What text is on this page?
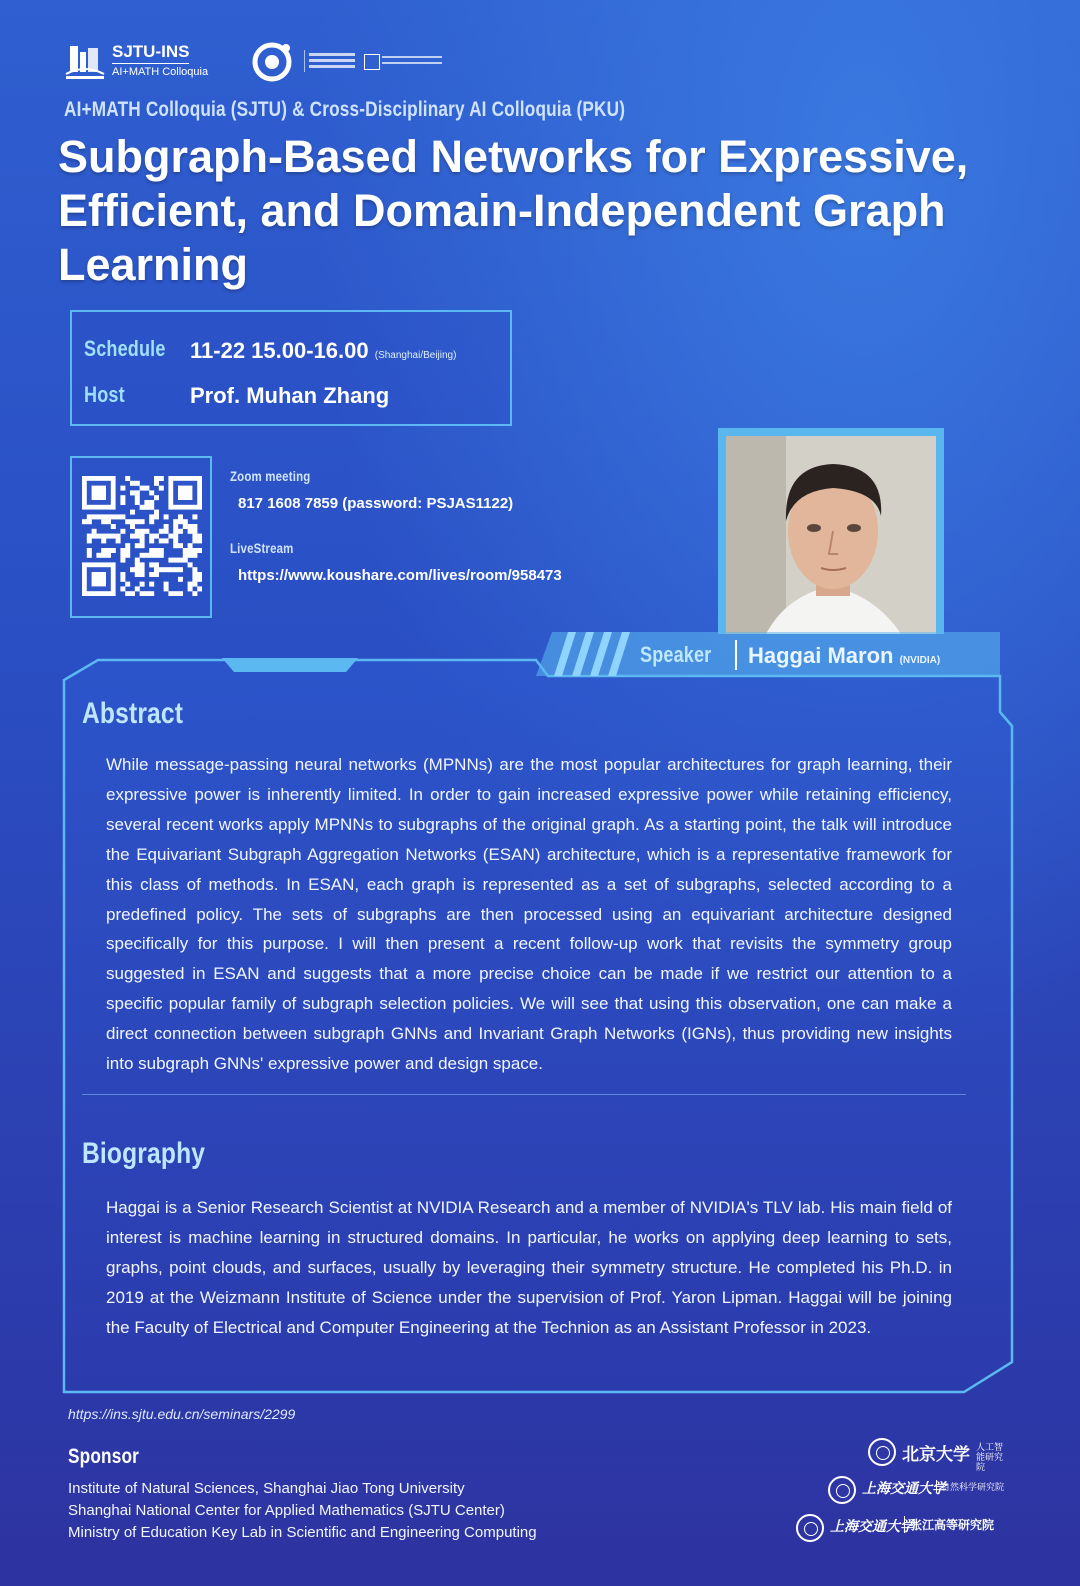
SJTU-INS
AI+MATH Colloquia
AI+MATH Colloquia (SJTU) & Cross-Disciplinary AI Colloquia (PKU)
Subgraph-Based Networks for Expressive, Efficient, and Domain-Independent Graph Learning
Schedule 11-22 15.00-16.00 (Shanghai/Beijing)
Host	Prof. Muhan Zhang
Zoom meeting
817 1608 7859 (password: PSJAS1122)
LiveStream
https://www.koushare.com/lives/room/958473
Speaker Haggai Maron (NVIDIA)
Abstract
While message-passing neural networks (MPNNs) are the most popular architectures for graph learning, their expressive power is inherently limited. In order to gain increased expressive power while retaining efficiency, several recent works apply MPNNs to subgraphs of the original graph. As a starting point, the talk will introduce the Equivariant Subgraph Aggregation Networks (ESAN) architecture, which is a representative framework for this class of methods. In ESAN, each graph is represented as a set of subgraphs, selected according to a predefined policy. The sets of subgraphs are then processed using an equivariant architecture designed specifically for this purpose. I will then present a recent follow-up work that revisits the symmetry group suggested in ESAN and suggests that a more precise choice can be made if we restrict our attention to a specific popular family of subgraph selection policies. We will see that using this observation, one can make a direct connection between subgraph GNNs and Invariant Graph Networks (IGNs), thus providing new insights into subgraph GNNs' expressive power and design space.
Biography
Haggai is a Senior Research Scientist at NVIDIA Research and a member of NVIDIA's TLV lab. His main field of interest is machine learning in structured domains. In particular, he works on applying deep learning to sets, graphs, point clouds, and surfaces, usually by leveraging their symmetry structure. He completed his Ph.D. in 2019 at the Weizmann Institute of Science under the supervision of Prof. Yaron Lipman. Haggai will be joining the Faculty of Electrical and Computer Engineering at the Technion as an Assistant Professor in 2023.
https://ins.sjtu.edu.cn/seminars/2299
Sponsor
Institute of Natural Sciences, Shanghai Jiao Tong University
Shanghai National Center for Applied Mathematics (SJTU Center)
Ministry of Education Key Lab in Scientific and Engineering Computing
北京大学 人工智能研究院
上海交通大学
自然科学研究院
上海交通大学
张江高等研究院
